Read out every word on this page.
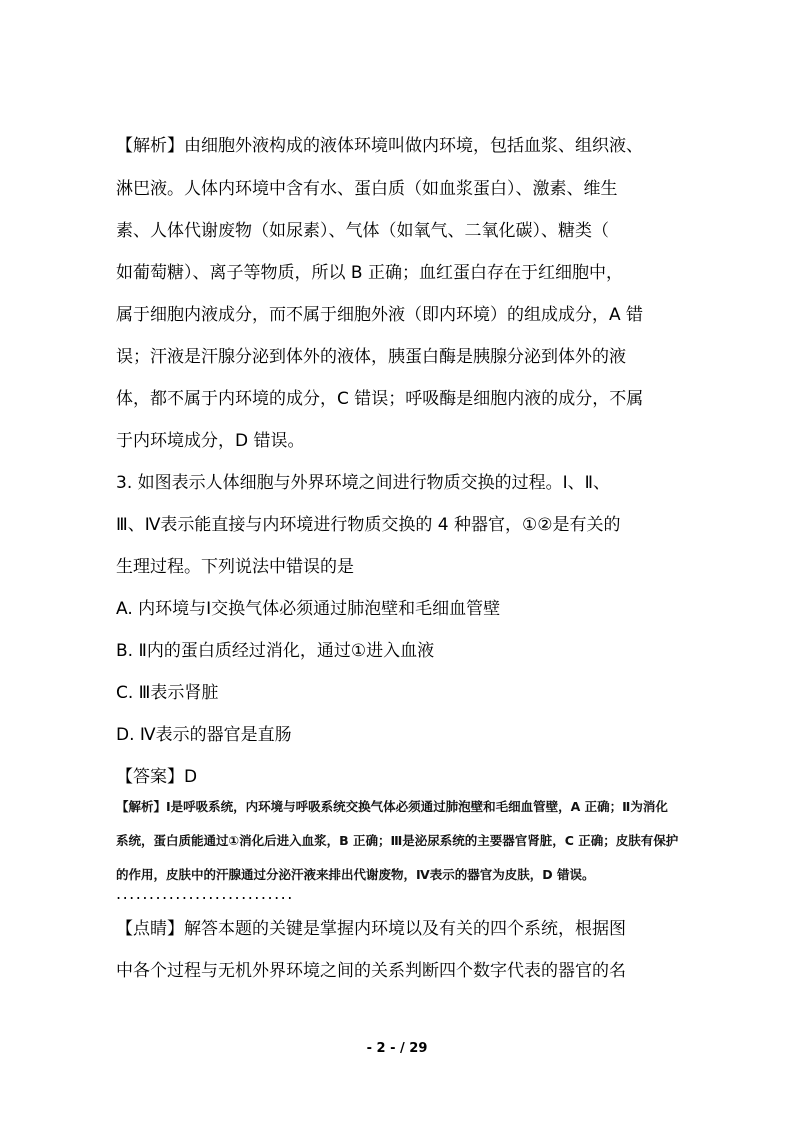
【解析】由细胞外液构成的液体环境叫做内环境，包括血浆、组织液、
淋巴液。人体内环境中含有水、蛋白质（如血浆蛋白）、激素、维生
素、人体代谢废物（如尿素）、气体（如氧气、二氧化碳）、糖类（
如葡萄糖）、离子等物质，所以 B 正确；血红蛋白存在于红细胞中，
属于细胞内液成分，而不属于细胞外液（即内环境）的组成成分，A 错
误；汗液是汗腺分泌到体外的液体，胰蛋白酶是胰腺分泌到体外的液
体，都不属于内环境的成分，C 错误；呼吸酶是细胞内液的成分，不属
于内环境成分，D 错误。
3. 如图表示人体细胞与外界环境之间进行物质交换的过程。Ⅰ、Ⅱ、
Ⅲ、Ⅳ表示能直接与内环境进行物质交换的 4 种器官，①②是有关的
生理过程。下列说法中错误的是
A. 内环境与Ⅰ交换气体必须通过肺泡壁和毛细血管壁
B. Ⅱ内的蛋白质经过消化，通过①进入血液
C. Ⅲ表示肾脏
D. Ⅳ表示的器官是直肠
【答案】D
【解析】Ⅰ是呼吸系统，内环境与呼吸系统交换气体必须通过肺泡壁和毛细血管壁，A 正确；Ⅱ为消化
系统，蛋白质能通过①消化后进入血浆，B 正确；Ⅲ是泌尿系统的主要器官肾脏，C 正确；皮肤有保护
的作用，皮肤中的汗腺通过分泌汗液来排出代谢废物，Ⅳ表示的器官为皮肤，D 错误。
...........................
【点睛】解答本题的关键是掌握内环境以及有关的四个系统，根据图
中各个过程与无机外界环境之间的关系判断四个数字代表的器官的名
- 2 - / 29
